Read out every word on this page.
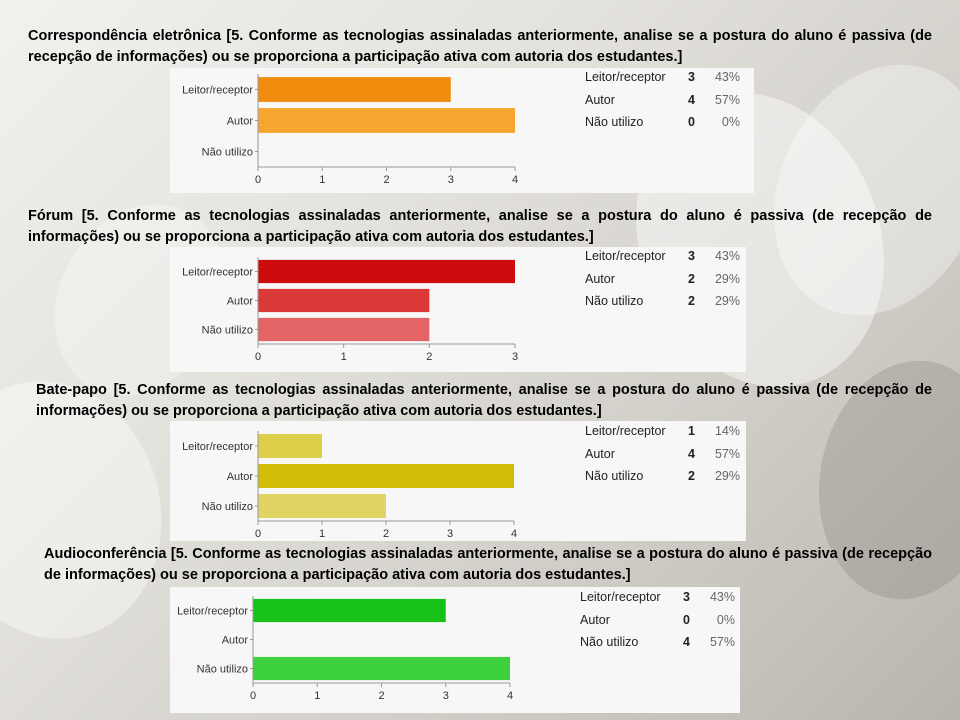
Correspondência eletrônica [5. Conforme as tecnologias assinaladas anteriormente, analise se a postura do aluno é passiva (de recepção de informações) ou se proporciona a participação ativa com autoria dos estudantes.]
Leitor/receptor
Autor
Não utilizo
0	1	2	3	4
Leitor/receptor	3	43%
Autor	4	57%
Não utilizo	0	0%
Fórum [5. Conforme as tecnologias assinaladas anteriormente, analise se a postura do aluno é passiva (de recepção de informações) ou se proporciona a participação ativa com autoria dos estudantes.]
Leitor/receptor
Autor
Não utilizo
0	1	2	3
Leitor/receptor	3	43%
Autor	2	29%
Não utilizo	2	29%
Bate-papo [5. Conforme as tecnologias assinaladas anteriormente, analise se a postura do aluno é passiva (de recepção de informações) ou se proporciona a participação ativa com autoria dos estudantes.]
Leitor/receptor
Autor
Não utilizo
0	1	2	3	4
Leitor/receptor	1	14%
Autor	4	57%
Não utilizo	2	29%
Audioconferência [5. Conforme as tecnologias assinaladas anteriormente, analise se a postura do aluno é passiva (de recepção de informações) ou se proporciona a participação ativa com autoria dos estudantes.]
Leitor/receptor
Autor
Não utilizo
0	1	2	3	4
Leitor/receptor	3	43%
Autor	0	0%
Não utilizo	4	57%
